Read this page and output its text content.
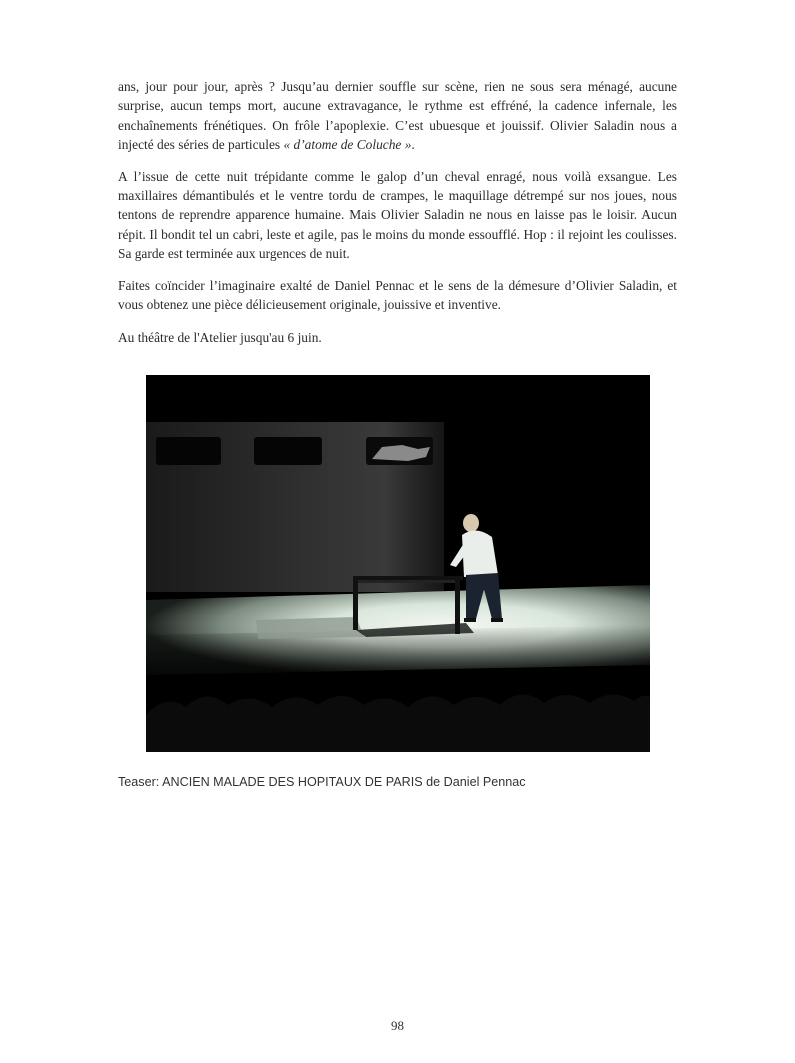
ans, jour pour jour, après ? Jusqu’au dernier souffle sur scène, rien ne sous sera ménagé, aucune surprise, aucun temps mort, aucune extravagance, le rythme est effréné, la cadence infernale, les enchaînements frénétiques. On frôle l’apoplexie. C’est ubuesque et jouissif. Olivier Saladin nous a injecté des séries de particules « d’atome de Coluche ».

A l’issue de cette nuit trépidante comme le galop d’un cheval enragé, nous voilà exsangue. Les maxillaires démantibulés et le ventre tordu de crampes, le maquillage détrempé sur nos joues, nous tentons de reprendre apparence humaine. Mais Olivier Saladin ne nous en laisse pas le loisir. Aucun répit. Il bondit tel un cabri, leste et agile, pas le moins du monde essoufflé. Hop : il rejoint les coulisses. Sa garde est terminée aux urgences de nuit.

Faites coïncider l’imaginaire exalté de Daniel Pennac et le sens de la démesure d’Olivier Saladin, et vous obtenez une pièce délicieusement originale, jouissive et inventive.

Au théâtre de l'Atelier jusqu'au 6 juin.

Teaser: ANCIEN MALADE DES HOPITAUX DE PARIS de Daniel Pennac
98
